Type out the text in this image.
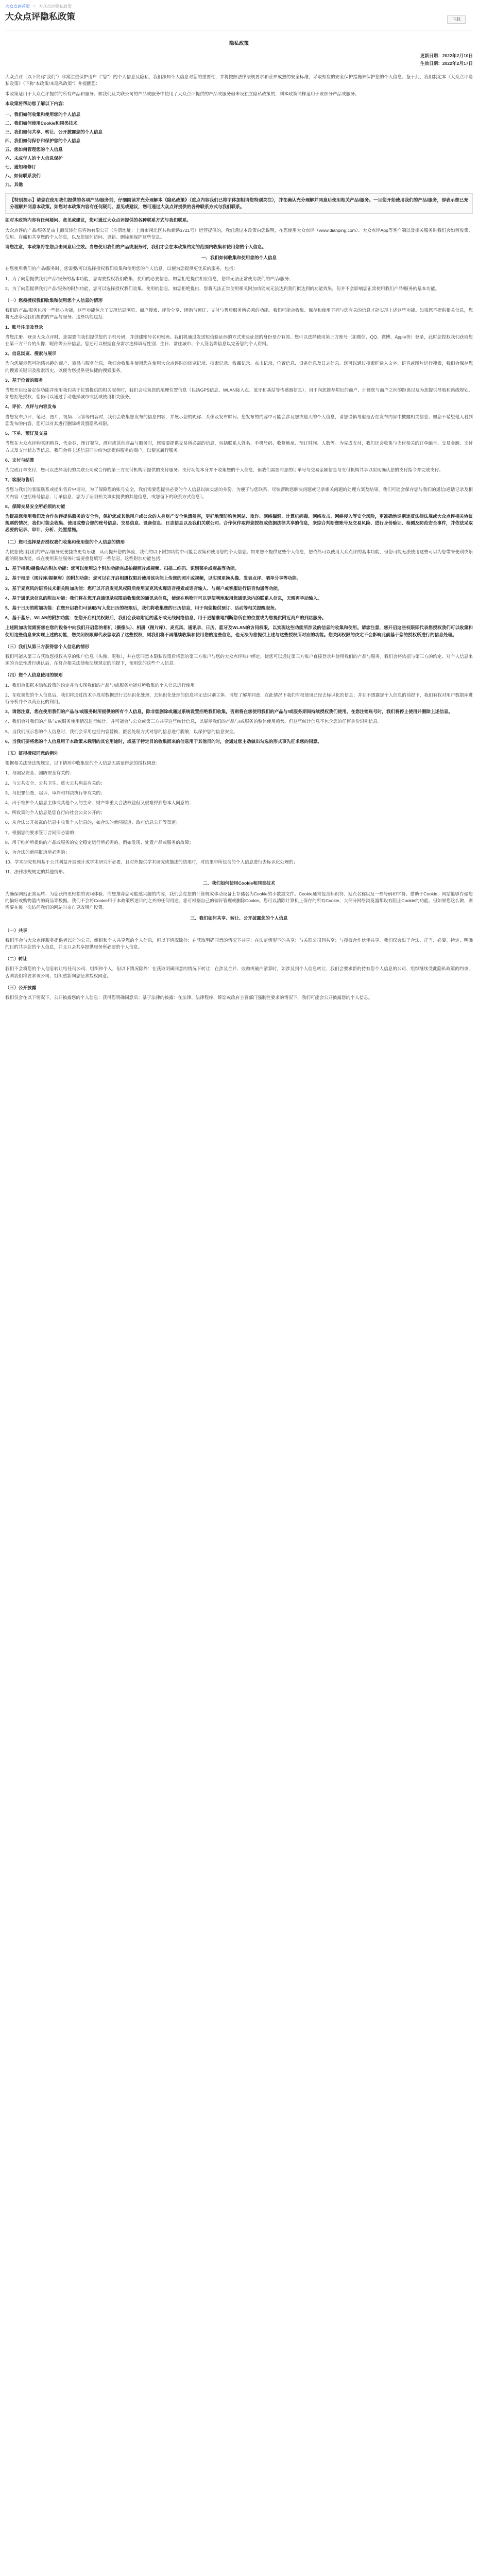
大众点评首页 > 大众点评隐私政策
大众点评隐私政策	下载
隐私政策
更新日期：2022年2月10日
生效日期：2022年2月17日

大众点评（以下简称“我们”）非常注重保护用户（“您”）的个人信息及隐私，我们深知个人信息对您的重要性，并将按照法律法规要求和业界成熟的安全标准，采取相应的安全保护措施来保护您的个人信息。鉴于此，我们制定本《大众点评隐私政策》（下称“本政策/本隐私政策”）并提醒您：

本政策适用于大众点评提供的所有产品和服务。如我们及关联公司的产品或服务中使用了大众点评提供的产品或服务但未设独立隐私政策的，则本政策同样适用于该部分产品或服务。

本政策将帮助您了解以下内容：

一、我们如何收集和使用您的个人信息
二、我们如何使用Cookie和同类技术
三、我们如何共享、转让、公开披露您的个人信息
四、我们如何保存和保护您的个人信息
五、您如何管理您的个人信息
六、未成年人的个人信息保护
七、通知和修订
八、如何联系我们
九、其他

【特别提示】请您在使用我们提供的各项产品/服务前，仔细阅读并充分理解本《隐私政策》（重点内容我们已将字体加粗请您特别关注），并在确认充分理解并同意后使用相关产品/服务。一旦您开始使用我们的产品/服务，即表示您已充分理解并同意本政策。如您对本政策内容有任何疑问、意见或建议，您可通过大众点评提供的各种联系方式与我们联系。

如对本政策内容有任何疑问、意见或建议，您可通过大众点评提供的各种联系方式与我们联系。

大众点评的产品/服务是由上海汉涛信息咨询有限公司（注册地址：上海市闸北区共和新路1721号）运营提供的，我们通过本政策向您说明，在您使用大众点评（www.dianping.com）、大众点评App等客户端以及相关服务时我们会如何收集、使用、存储和共享您的个人信息，以及您如何访问、更新、删除和保护这些信息。

请您注意，本政策将在您点击同意后生效。当您使用我们的产品或服务时，我们才会在本政策约定的范围内收集和使用您的个人信息。

一、我们如何收集和使用您的个人信息

在您使用我们的产品/服务时，您需要/可以选择授权我们收集和使用您的个人信息，以便为您提供更优质的服务，包括：

1、为了向您提供我们产品/服务的基本功能，您需要授权我们收集、使用的必要信息。如您拒绝提供相应信息，您将无法正常使用我们的产品/服务；

2、为了向您提供我们产品/服务的附加功能，您可以选择授权我们收集、使用的信息。如您拒绝提供，您将无法正常使用相关附加功能或无法达到我们拟达到的功能效果，但并不会影响您正常使用我们产品/服务的基本功能。

（一）您须授权我们收集和使用您个人信息的情形

我们的产品/服务包括一些核心功能，这些功能包含了实现信息浏览、商户搜索、评价分享、团购与预订、支付与售后服务所必须的功能。我们可能会收集、保存和使用下列与您有关的信息才能实现上述这些功能。如果您不提供相关信息，您将无法享受我们提供的产品与服务。这些功能包括：

1、账号注册及登录

当您注册、登录大众点评时，您需要向我们提供您的手机号码，并创建账号名和密码。我们将通过发送短信验证码的方式来验证您的身份是否有效。您可以选择使用第三方账号（如微信、QQ、微博、Apple等）登录，此时您授权我们获取您在第三方平台的头像、昵称等公开信息。您还可以根据自身需求选择填写性别、生日、常住城市、个人签名等信息以完善您的个人资料。

2、信息浏览、搜索与展示

为向您展示您可能感兴趣的商户、商品与服务信息，我们会收集并使用您在使用大众点评时的浏览记录、搜索记录、收藏记录、点击记录、位置信息、设备信息及日志信息。您可以通过搜索框输入文字、语音或图片进行搜索，我们会保存您的搜索关键词及搜索历史，以便为您提供更快捷的搜索服务。

3、基于位置的服务

当您开启设备定位功能并使用我们基于位置提供的相关服务时，我们会收集您的地理位置信息（包括GPS信息、WLAN接入点、蓝牙和基站等传感器信息），用于向您推荐附近的商户、计算您与商户之间的距离以及为您提供导航和路线规划。如您拒绝授权，您仍可以通过手动选择城市或区域使用相关服务。

4、评价、点评与内容发布

当您发布点评、笔记、图片、视频、问答等内容时，我们会收集您发布的信息内容，并展示您的昵称、头像及发布时间。您发布的内容中可能会涉及您或他人的个人信息，请您谨慎考虑是否在发布内容中披露相关信息。如您不希望他人看到您发布的内容，您可以对其进行删除或设置隐私权限。

5、下单、预订及交易

当您在大众点评购买团购券、代金券、预订餐位、酒店或其他商品与服务时，您需要提供交易所必需的信息，包括联系人姓名、手机号码、收货地址、预订时间、人数等。为完成支付，我们还会收集与支付相关的订单编号、交易金额、支付方式及支付状态等信息。我们会将上述信息同步给为您提供服务的商户，以便其履行服务。

6、支付与结算

为完成订单支付，您可以选择我们的关联公司或合作的第三方支付机构所提供的支付服务。支付功能本身并不收集您的个人信息，但我们需要将您的订单号与交易金额信息与支付机构共享以实现确认您的支付指令并完成支付。

7、客服与售后

当您与我们的客服联系或提出售后申请时，为了保障您的账号安全，我们需要您提供必要的个人信息以核实您的身份。为便于与您联系、尽快帮助您解决问题或记录相关问题的处理方案及结果，我们可能会保存您与我们的通信/通话记录及相关内容（包括账号信息、订单信息、您为了证明相关事实提供的其他信息，或您留下的联系方式信息）。

8、保障交易安全所必须的功能

为提高您使用我们及合作伙伴提供服务的安全性，保护您或其他用户或公众的人身财产安全免遭侵害，更好地预防钓鱼网站、欺诈、网络漏洞、计算机病毒、网络攻击、网络侵入等安全风险，更准确地识别违反法律法规或大众点评相关协议规则的情况，我们可能会收集、使用或整合您的账号信息、交易信息、设备信息、日志信息以及我们关联公司、合作伙伴取得您授权或依据法律共享的信息，来综合判断您账号及交易风险、进行身份验证、检测及防范安全事件，并依法采取必要的记录、审计、分析、处置措施。

（二）您可选择是否授权我们收集和使用您的个人信息的情形

为使您使用我们的产品/服务更便捷或更有乐趣，从而提升您的体验，我们的以下附加功能中可能会收集和使用您的个人信息。如果您不提供这些个人信息，您依然可以使用大众点评的基本功能，但您可能无法使用这些可以为您带来便利或乐趣的附加功能，或在使用某些服务时需要重复填写一些信息。这些附加功能包括：

1、基于相机/摄像头的附加功能：您可以使用这个附加功能完成拍摄照片或视频、扫描二维码、识别菜单或商品等功能。

2、基于相册（图片库/视频库）的附加功能：您可以在开启相册权限后使用该功能上传您的照片或视频，以实现更换头像、发表点评、晒单分享等功能。

3、基于麦克风的语音技术相关附加功能：您可以开启麦克风权限后使用麦克风实现语音搜索或语音输入、与商户或客服进行语音沟通等功能。

4、基于通讯录信息的附加功能：我们将在您开启通讯录权限后收集您的通讯录信息，使您在购物时可以更便利地取用您通讯录内的联系人信息，无需再手动输入。

5、基于日历的附加功能：在您开启我们可读取/写入您日历的权限后，我们将收集您的日历信息，用于向您提供预订、活动等相关提醒服务。

6、基于蓝牙、WLAN的附加功能：在您开启相关权限后，我们会获取附近的蓝牙或无线网络信息，用于更精准地判断您所在的位置或为您提供附近商户的到店服务。

上述附加功能需要您在您的设备中向我们开启您的相机（摄像头）、相册（图片库）、麦克风、通讯录、日历、蓝牙及WLAN的访问权限，以实现这些功能所涉及的信息的收集和使用。请您注意，您开启这些权限即代表您授权我们可以收集和使用这些信息来实现上述的功能，您关闭权限即代表您取消了这些授权，则我们将不再继续收集和使用您的这些信息，也无法为您提供上述与这些授权所对应的功能。您关闭权限的决定不会影响此前基于您的授权所进行的信息处理。

（三）我们从第三方获得您个人信息的情形

我们可能从第三方获取您授权共享的账户信息（头像、昵称），并在您同意本隐私政策后将您的第三方账户与您的大众点评账户绑定，使您可以通过第三方账户直接登录并使用我们的产品与服务。我们会将依据与第三方的约定、对个人信息来源的合法性进行确认后，在符合相关法律和法规规定的前提下，使用您的这些个人信息。

（四）您个人信息使用的规则

1、我们会根据本隐私政策的约定并为实现我们的产品与/或服务功能对所收集的个人信息进行使用。

2、在收集您的个人信息后，我们将通过技术手段对数据进行去标识化处理，去标识化处理的信息将无法识别主体。请您了解并同意，在此情况下我们有权使用已经去标识化的信息；并在不透露您个人信息的前提下，我们有权对用户数据库进行分析并予以商业化的利用。

3、请您注意，您在使用我们的产品与/或服务时所提供的所有个人信息，除非您删除或通过系统设置拒绝我们收集，否则将在您使用我们的产品与/或服务期间持续授权我们使用。在您注销账号时，我们将停止使用并删除上述信息。

4、我们会对我们的产品与/或服务使用情况进行统计，并可能会与公众或第三方共享这些统计信息，以展示我们的产品与/或服务的整体使用趋势。但这些统计信息不包含您的任何身份识别信息。

5、当我们展示您的个人信息时，我们会采用包括内容替换、匿名处理方式对您的信息进行脱敏，以保护您的信息安全。

6、当我们要将您的个人信息用于本政策未载明的其它用途时，或基于特定目的收集而来的信息用于其他目的时，会通过您主动做出勾选的形式事先征求您的同意。

（五）征得授权同意的例外

根据相关法律法规规定，以下情形中收集您的个人信息无需征得您的授权同意：

1、与国家安全、国防安全有关的；

2、与公共安全、公共卫生、重大公共利益有关的；

3、与犯罪侦查、起诉、审判和判决执行等有关的；

4、出于维护个人信息主体或其他个人的生命、财产等重大合法权益但又很难得到您本人同意的；

5、所收集的个人信息是您自行向社会公众公开的；

6、从合法公开披露的信息中收集个人信息的，如合法的新闻报道、政府信息公开等渠道；

7、根据您的要求签订合同所必需的；

8、用于维护所提供的产品或服务的安全稳定运行所必需的，例如发现、处置产品或服务的故障；

9、为合法的新闻报道所必需的；

10、学术研究机构基于公共利益开展统计或学术研究所必要，且对外提供学术研究或描述的结果时，对结果中所包含的个人信息进行去标识化处理的；

11、法律法规规定的其他情形。

二、我们如何使用Cookie和同类技术

为确保网站正常运转、为您获得更轻松的访问体验、向您推荐您可能感兴趣的内容，我们会在您的计算机或移动设备上存储名为Cookie的小数据文件。Cookie通常包含标识符、站点名称以及一些号码和字符。借助于Cookie，网站能够存储您的偏好或购物篮内的商品等数据。我们不会将Cookie用于本政策所述目的之外的任何用途。您可根据自己的偏好管理或删除Cookie。您可以清除计算机上保存的所有Cookie，大部分网络浏览器都设有阻止Cookie的功能。但如果您这么做，则需要在每一次访问我们的网站时亲自更改用户设置。

三、我们如何共享、转让、公开披露您的个人信息

（一）共享

我们不会与大众点评服务提供者以外的公司、组织和个人共享您的个人信息，但以下情况除外：在获取明确同意的情况下共享；在法定情形下的共享；与关联公司间共享；与授权合作伙伴共享。我们仅会出于合法、正当、必要、特定、明确的目的共享您的个人信息，并且只会共享提供服务所必要的个人信息。

（二）转让

我们不会将您的个人信息转让给任何公司、组织和个人，但以下情况除外：在获取明确同意的情况下转让；在涉及合并、收购或破产清算时，如涉及到个人信息转让，我们会要求新的持有您个人信息的公司、组织继续受此隐私政策的约束，否则我们将要求该公司、组织重新向您征求授权同意。

（三）公开披露

我们仅会在以下情况下，公开披露您的个人信息：获得您明确同意后；基于法律的披露：在法律、法律程序、诉讼或政府主管部门强制性要求的情况下，我们可能会公开披露您的个人信息。
